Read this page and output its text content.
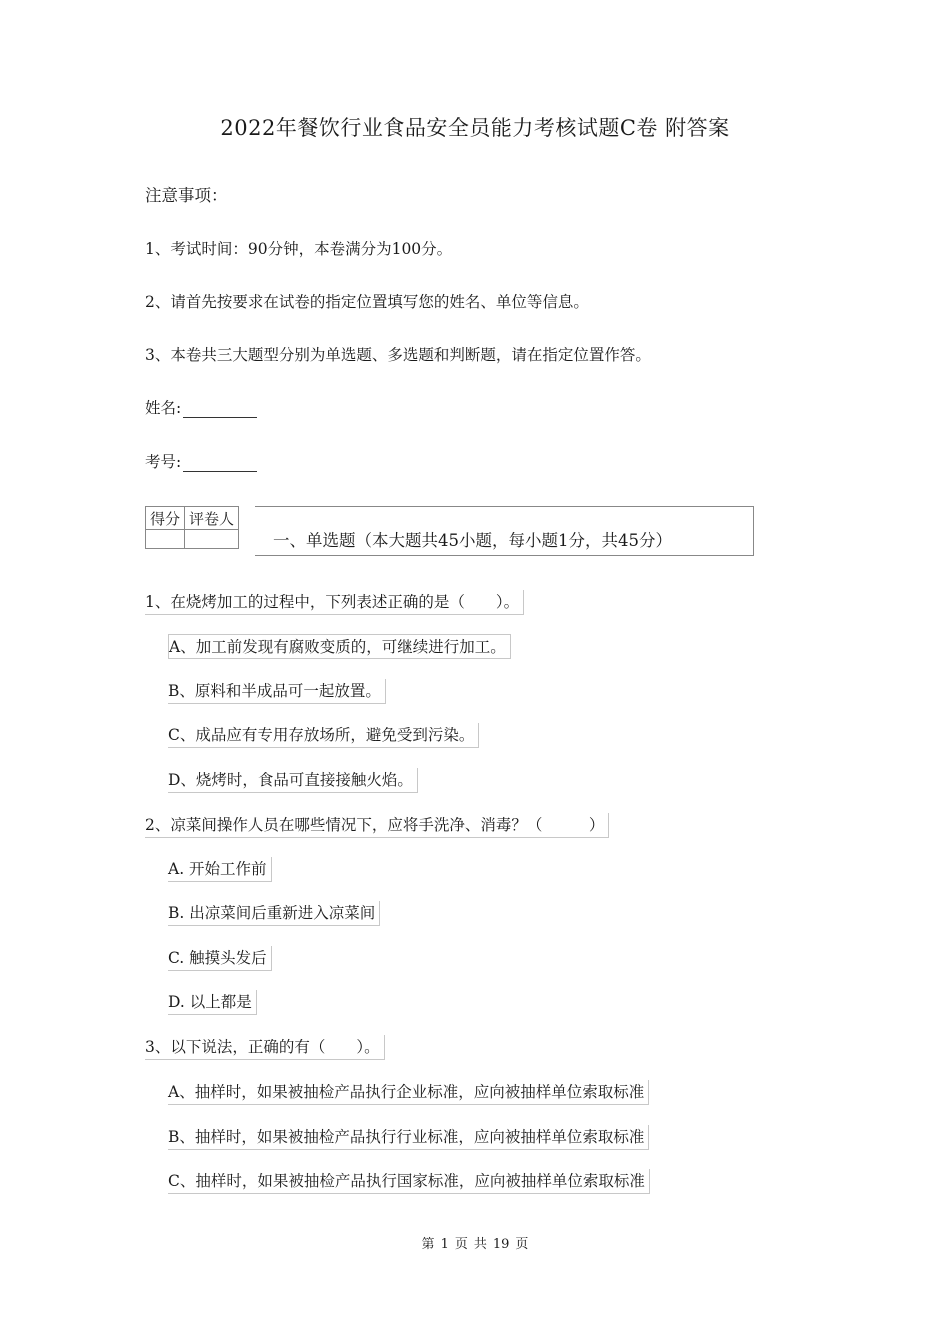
2022年餐饮行业食品安全员能力考核试题C卷 附答案
注意事项：
1、考试时间：90分钟，本卷满分为100分。
2、请首先按要求在试卷的指定位置填写您的姓名、单位等信息。
3、本卷共三大题型分别为单选题、多选题和判断题，请在指定位置作答。
姓名:
考号:
得分	评卷人

一、单选题（本大题共45小题，每小题1分，共45分）
1、在烧烤加工的过程中，下列表述正确的是（　　）。
A、加工前发现有腐败变质的，可继续进行加工。
B、原料和半成品可一起放置。
C、成品应有专用存放场所，避免受到污染。
D、烧烤时，食品可直接接触火焰。
2、凉菜间操作人员在哪些情况下，应将手洗净、消毒？（　　　）
A. 开始工作前
B. 出凉菜间后重新进入凉菜间
C. 触摸头发后
D. 以上都是
3、以下说法，正确的有（　　）。
A、抽样时，如果被抽检产品执行企业标准，应向被抽样单位索取标准
B、抽样时，如果被抽检产品执行行业标准，应向被抽样单位索取标准
C、抽样时，如果被抽检产品执行国家标准，应向被抽样单位索取标准
第 1 页 共 19 页
